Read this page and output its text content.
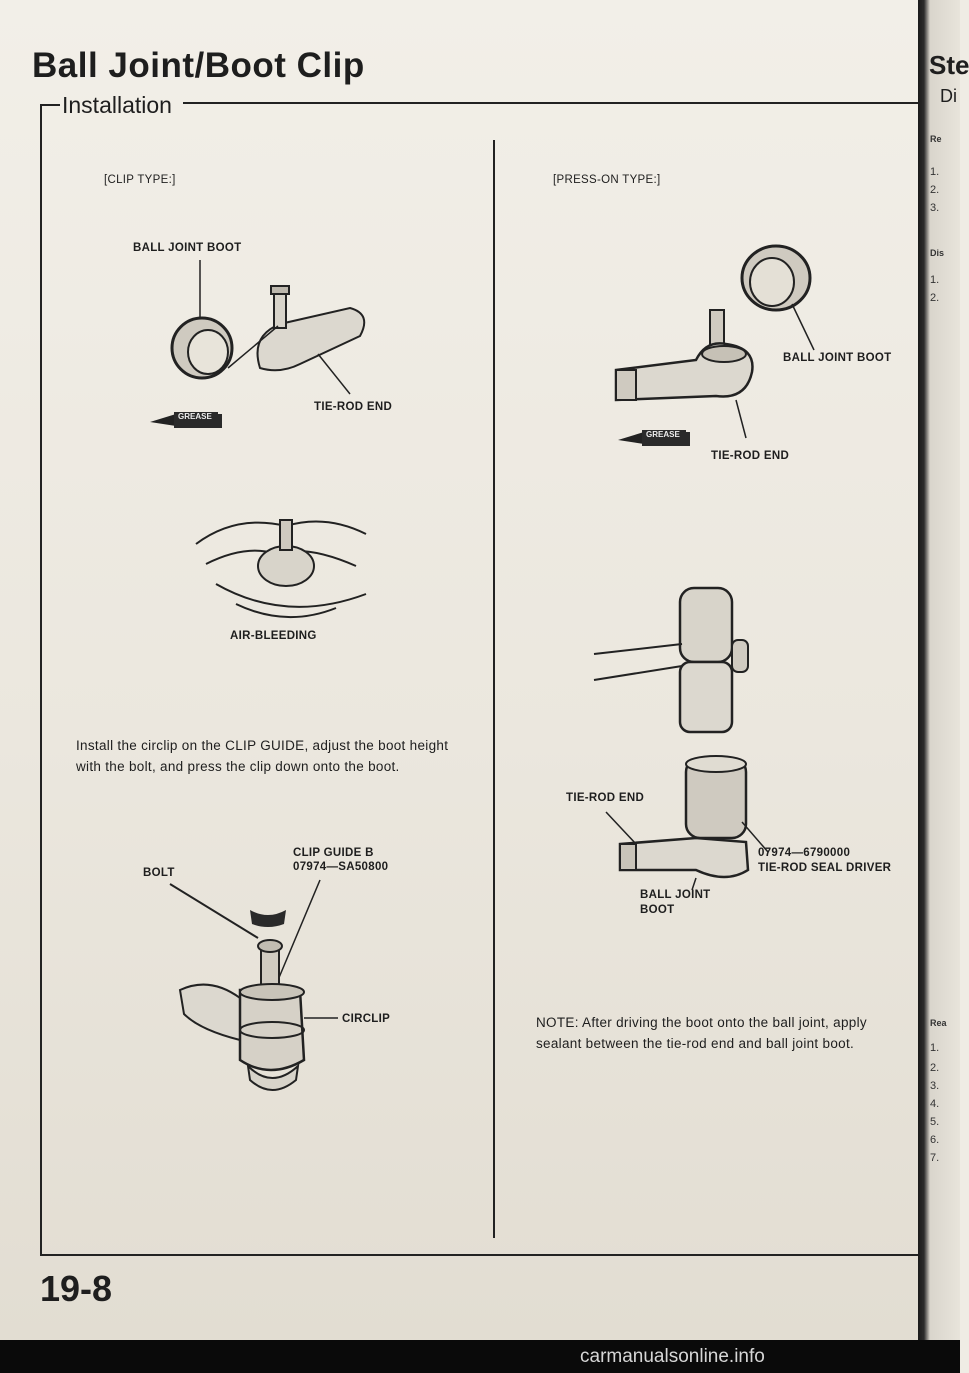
Ball Joint/Boot Clip
Installation
[CLIP TYPE:]
BALL JOINT BOOT
GREASE
TIE-ROD END
AIR-BLEEDING
Install the circlip on the CLIP GUIDE, adjust the boot height with the bolt, and press the clip down onto the boot.
CLIP GUIDE B
07974—SA50800
BOLT
CIRCLIP
[PRESS-ON TYPE:]
BALL JOINT BOOT
GREASE
TIE-ROD END
TIE-ROD END
07974—6790000
TIE-ROD SEAL DRIVER
BALL JOINT
BOOT
NOTE: After driving the boot onto the ball joint, apply sealant between the tie-rod end and ball joint boot.
19-8
Ste
Di
Re
1.
2.
3.
Dis
1.
2.
Rea
1.
2.
3.
4.
5.
6.
7.
carmanualsonline.info
